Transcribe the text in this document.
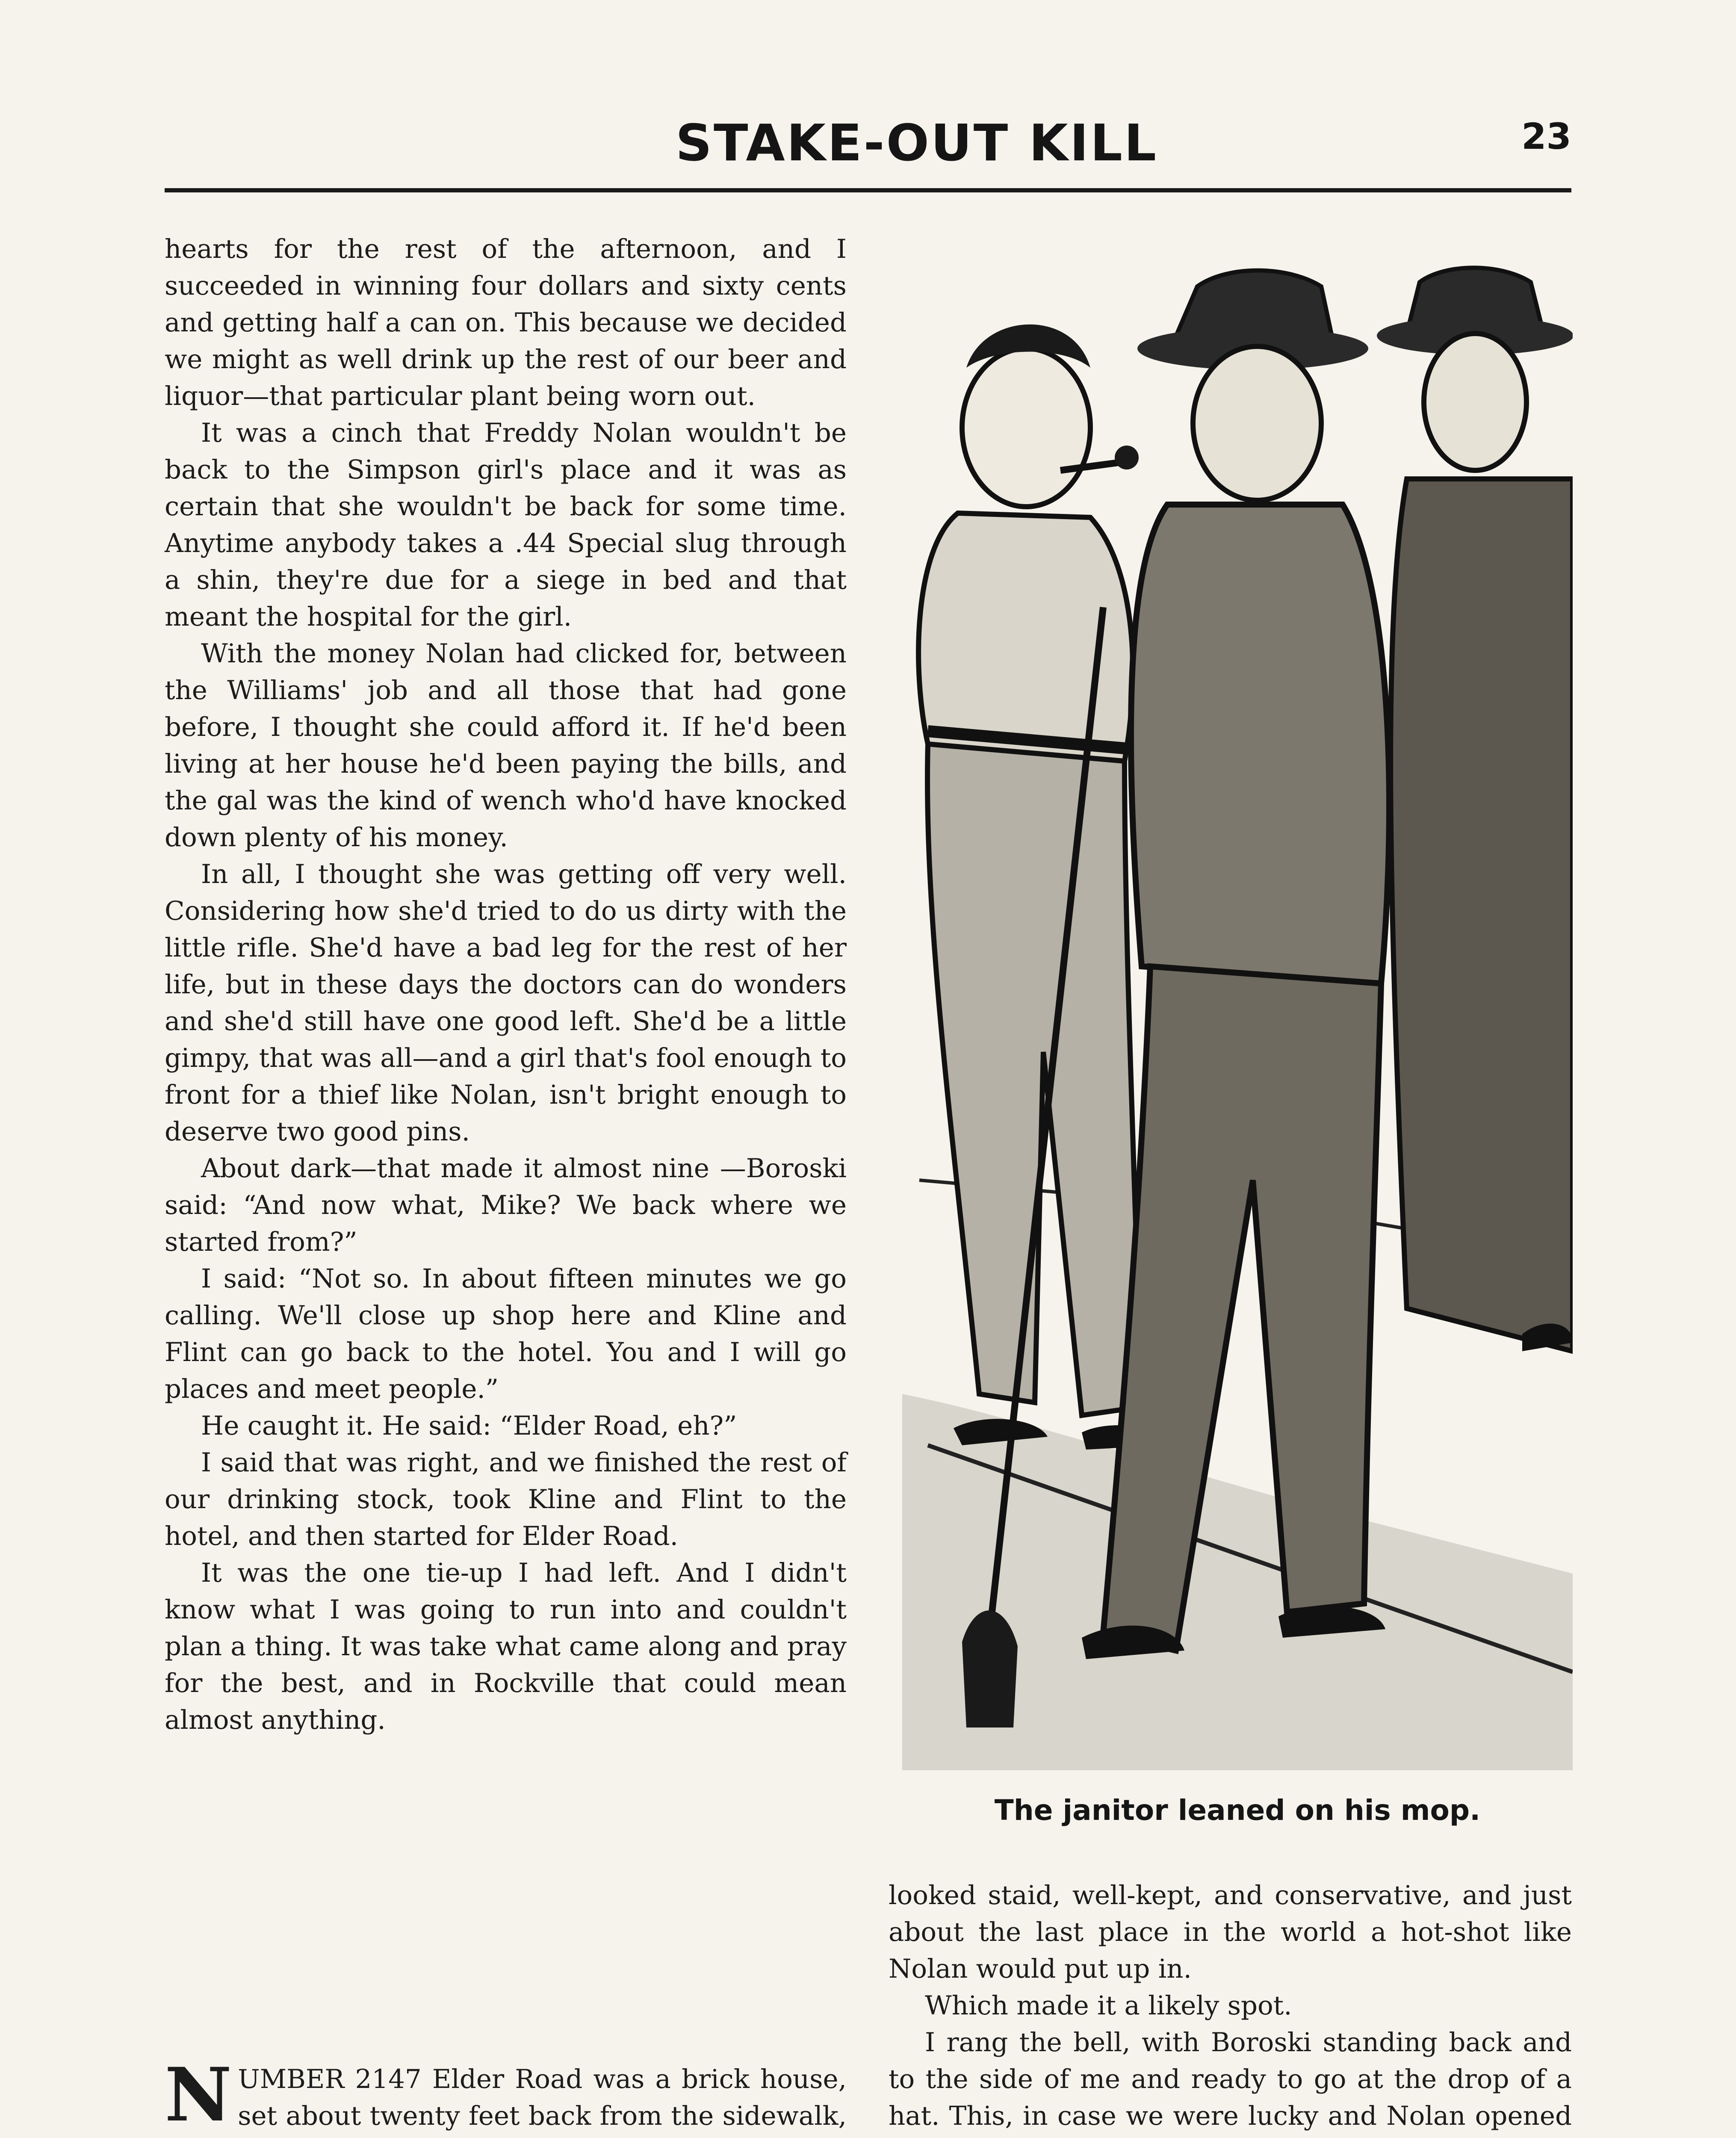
STAKE-OUT KILL	23

hearts for the rest of the afternoon, and I succeeded in winning four dollars and sixty cents and getting half a can on. This because we decided we might as well drink up the rest of our beer and liquor—that particular plant being worn out.

It was a cinch that Freddy Nolan wouldn't be back to the Simpson girl's place and it was as certain that she wouldn't be back for some time. Anytime anybody takes a .44 Special slug through a shin, they're due for a siege in bed and that meant the hospital for the girl.

With the money Nolan had clicked for, between the Williams' job and all those that had gone before, I thought she could afford it. If he'd been living at her house he'd been paying the bills, and the gal was the kind of wench who'd have knocked down plenty of his money.

In all, I thought she was getting off very well. Considering how she'd tried to do us dirty with the little rifle. She'd have a bad leg for the rest of her life, but in these days the doctors can do wonders and she'd still have one good left. She'd be a little gimpy, that was all—and a girl that's fool enough to front for a thief like Nolan, isn't bright enough to deserve two good pins.

About dark—that made it almost nine —Boroski said: “And now what, Mike? We back where we started from?”

I said: “Not so. In about fifteen minutes we go calling. We'll close up shop here and Kline and Flint can go back to the hotel. You and I will go places and meet people.”

He caught it. He said: “Elder Road, eh?”

I said that was right, and we finished the rest of our drinking stock, took Kline and Flint to the hotel, and then started for Elder Road.

It was the one tie-up I had left. And I didn't know what I was going to run into and couldn't plan a thing. It was take what came along and pray for the best, and in Rockville that could mean almost anything.

NUMBER 2147 Elder Road was a brick house, set about twenty feet back from the sidewalk,

The janitor leaned on his mop.

looked staid, well-kept, and conservative, and just about the last place in the world a hot-shot like Nolan would put up in.

Which made it a likely spot.

I rang the bell, with Boroski standing back and to the side of me and ready to go at the drop of a hat. This, in case we were lucky and Nolan opened
